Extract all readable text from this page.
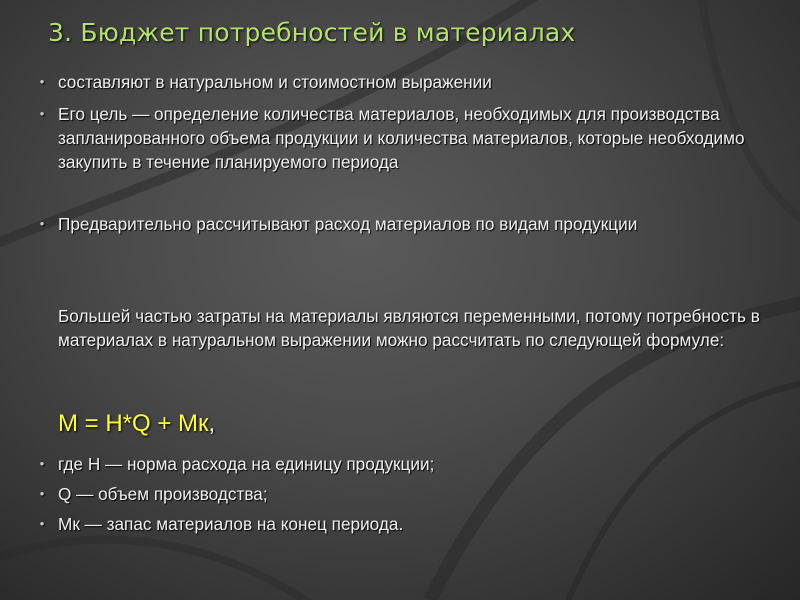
3. Бюджет потребностей в материалах
• составляют в натуральном и стоимостном выражении
• Его цель — определение количества материалов, необходимых для производства запланированного объема продукции и количества материалов, которые необходимо закупить в течение планируемого периода
• Предварительно рассчитывают расход материалов по видам продукции
Большей частью затраты на материалы являются переменными, потому потребность в материалах в натуральном выражении можно рассчитать по следующей формуле:
М = Н*Q + Мк,
• где Н — норма расхода на единицу продукции;
• Q — объем производства;
• Мк — запас материалов на конец периода.
